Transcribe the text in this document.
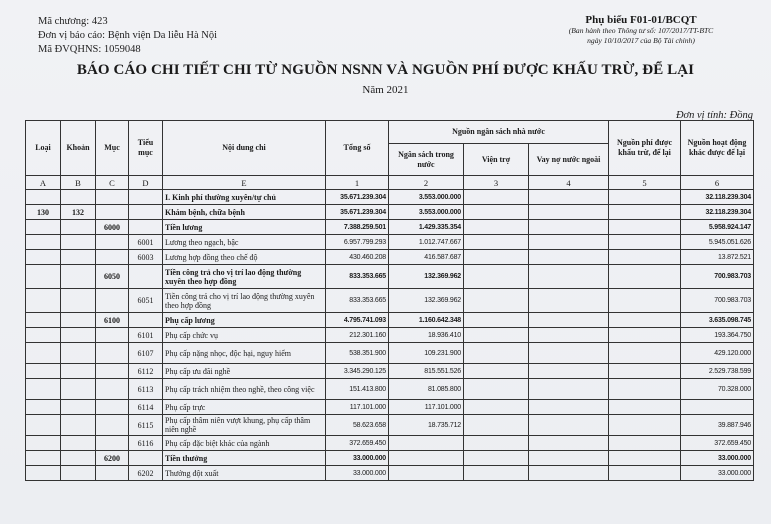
Mã chương: 423
Đơn vị báo cáo: Bệnh viện Da liễu Hà Nội
Mã ĐVQHNS: 1059048
Phụ biểu F01-01/BCQT
(Ban hành theo Thông tư số: 107/2017/TT-BTC
ngày 10/10/2017 của Bộ Tài chính)
BÁO CÁO CHI TIẾT CHI TỪ NGUỒN NSNN VÀ NGUỒN PHÍ ĐƯỢC KHẤU TRỪ, ĐỂ LẠI
Năm 2021
Đơn vị tính: Đồng
Loại	Khoản	Mục	Tiểu mục	Nội dung chi	Tổng số	Nguồn ngân sách nhà nước			Nguồn phí được khấu trừ, để lại	Nguồn hoạt động khác được để lại
						Ngân sách trong nước	Viện trợ	Vay nợ nước ngoài		
A	B	C	D	E	1	2	3	4	5	6
				I. Kinh phí thường xuyên/tự chủ	35.671.239.304	3.553.000.000				32.118.239.304
130	132			Khám bệnh, chữa bệnh	35.671.239.304	3.553.000.000				32.118.239.304
		6000		Tiền lương	7.388.259.501	1.429.335.354				5.958.924.147
			6001	Lương theo ngạch, bậc	6.957.799.293	1.012.747.667				5.945.051.626
			6003	Lương hợp đồng theo chế độ	430.460.208	416.587.687				13.872.521
		6050		Tiền công trả cho vị trí lao động thường xuyên theo hợp đồng	833.353.665	132.369.962				700.983.703
			6051	Tiền công trả cho vị trí lao động thường xuyên theo hợp đồng	833.353.665	132.369.962				700.983.703
		6100		Phụ cấp lương	4.795.741.093	1.160.642.348				3.635.098.745
			6101	Phụ cấp chức vụ	212.301.160	18.936.410				193.364.750
			6107	Phụ cấp nặng nhọc, độc hại, nguy hiểm	538.351.900	109.231.900				429.120.000
			6112	Phụ cấp ưu đãi nghề	3.345.290.125	815.551.526				2.529.738.599
			6113	Phụ cấp trách nhiệm theo nghề, theo công việc	151.413.800	81.085.800				70.328.000
			6114	Phụ cấp trực	117.101.000	117.101.000				
			6115	Phụ cấp thâm niên vượt khung, phụ cấp thâm niên nghề	58.623.658	18.735.712				39.887.946
			6116	Phụ cấp đặc biệt khác của ngành	372.659.450					372.659.450
		6200		Tiền thưởng	33.000.000					33.000.000
			6202	Thưởng đột xuất	33.000.000					33.000.000
